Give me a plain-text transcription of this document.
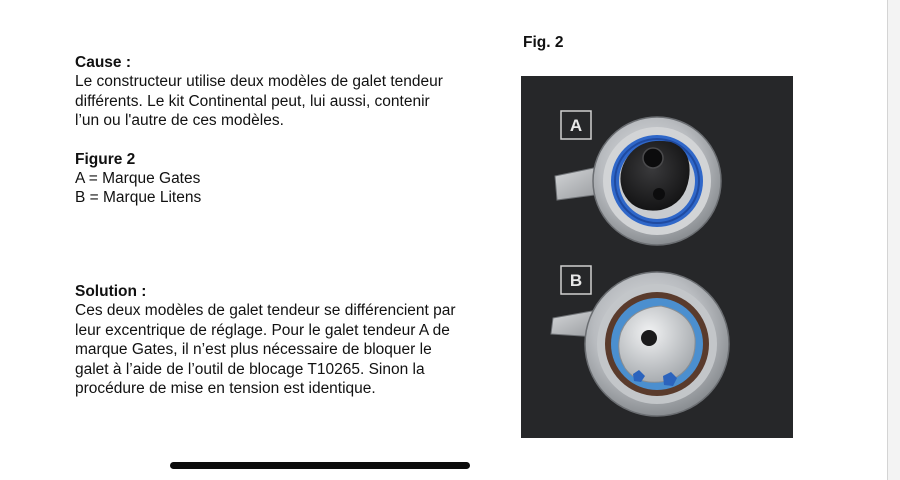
Cause :
Le constructeur utilise deux modèles de galet tendeur
différents. Le kit Continental peut, lui aussi, contenir
l’un ou l'autre de ces modèles.
Figure 2
A = Marque Gates
B = Marque Litens
Solution :
Ces deux modèles de galet tendeur se différencient par
leur excentrique de réglage. Pour le galet tendeur A de
marque Gates, il n’est plus nécessaire de bloquer le
galet à l’aide de l’outil de blocage T10265. Sinon la
procédure de mise en tension est identique.
Fig. 2
A
B
